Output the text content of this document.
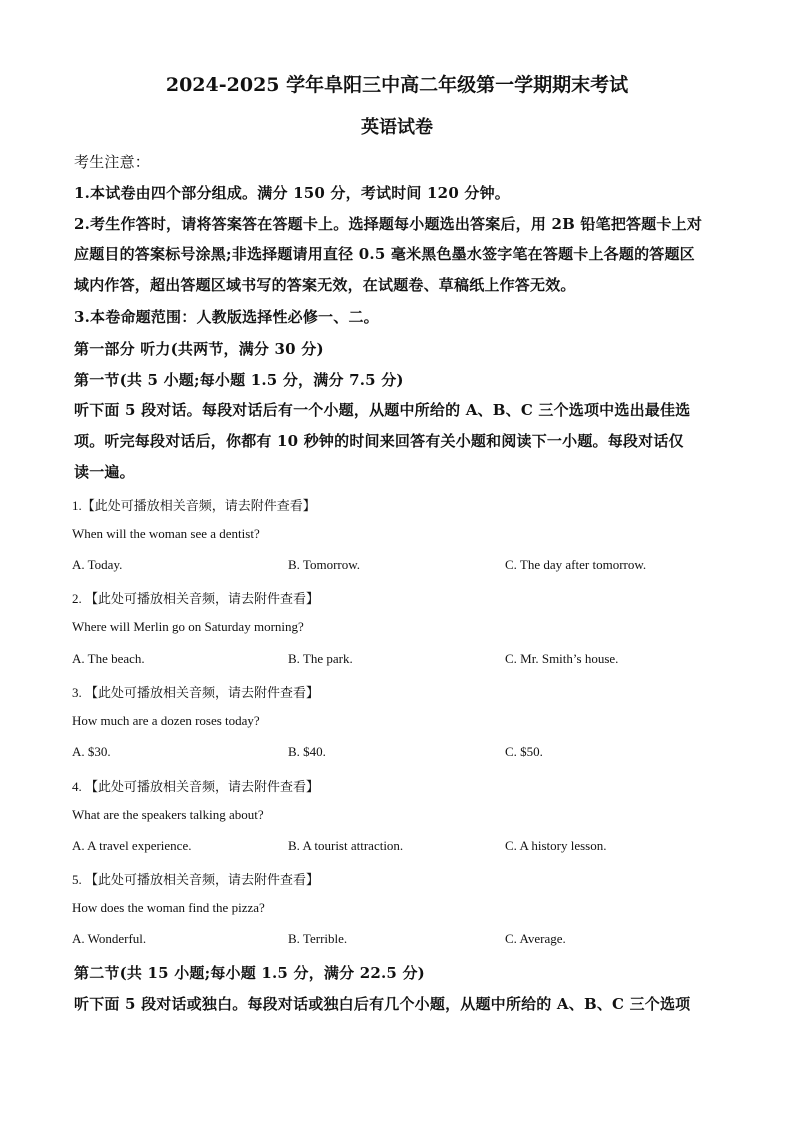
2024-2025 学年阜阳三中高二年级第一学期期末考试
英语试卷
考生注意：
1.本试卷由四个部分组成。满分 150 分，考试时间 120 分钟。
2.考生作答时，请将答案答在答题卡上。选择题每小题选出答案后，用 2B 铅笔把答题卡上对
应题目的答案标号涂黑;非选择题请用直径 0.5 毫米黑色墨水签字笔在答题卡上各题的答题区
域内作答，超出答题区域书写的答案无效，在试题卷、草稿纸上作答无效。
3.本卷命题范围：人教版选择性必修一、二。
第一部分 听力(共两节，满分 30 分)
第一节(共 5 小题;每小题 1.5 分，满分 7.5 分)
听下面 5 段对话。每段对话后有一个小题，从题中所给的 A、B、C 三个选项中选出最佳选
项。听完每段对话后，你都有 10 秒钟的时间来回答有关小题和阅读下一小题。每段对话仅
读一遍。
1.【此处可播放相关音频，请去附件查看】
When will the woman see a dentist?
A. Today.	B. Tomorrow.	C. The day after tomorrow.
2. 【此处可播放相关音频，请去附件查看】
Where will Merlin go on Saturday morning?
A. The beach.	B. The park.	C. Mr. Smith’s house.
3. 【此处可播放相关音频，请去附件查看】
How much are a dozen roses today?
A. $30.	B. $40.	C. $50.
4. 【此处可播放相关音频，请去附件查看】
What are the speakers talking about?
A. A travel experience.	B. A tourist attraction.	C. A history lesson.
5. 【此处可播放相关音频，请去附件查看】
How does the woman find the pizza?
A. Wonderful.	B. Terrible.	C. Average.
第二节(共 15 小题;每小题 1.5 分，满分 22.5 分)
听下面 5 段对话或独白。每段对话或独白后有几个小题，从题中所给的 A、B、C 三个选项
